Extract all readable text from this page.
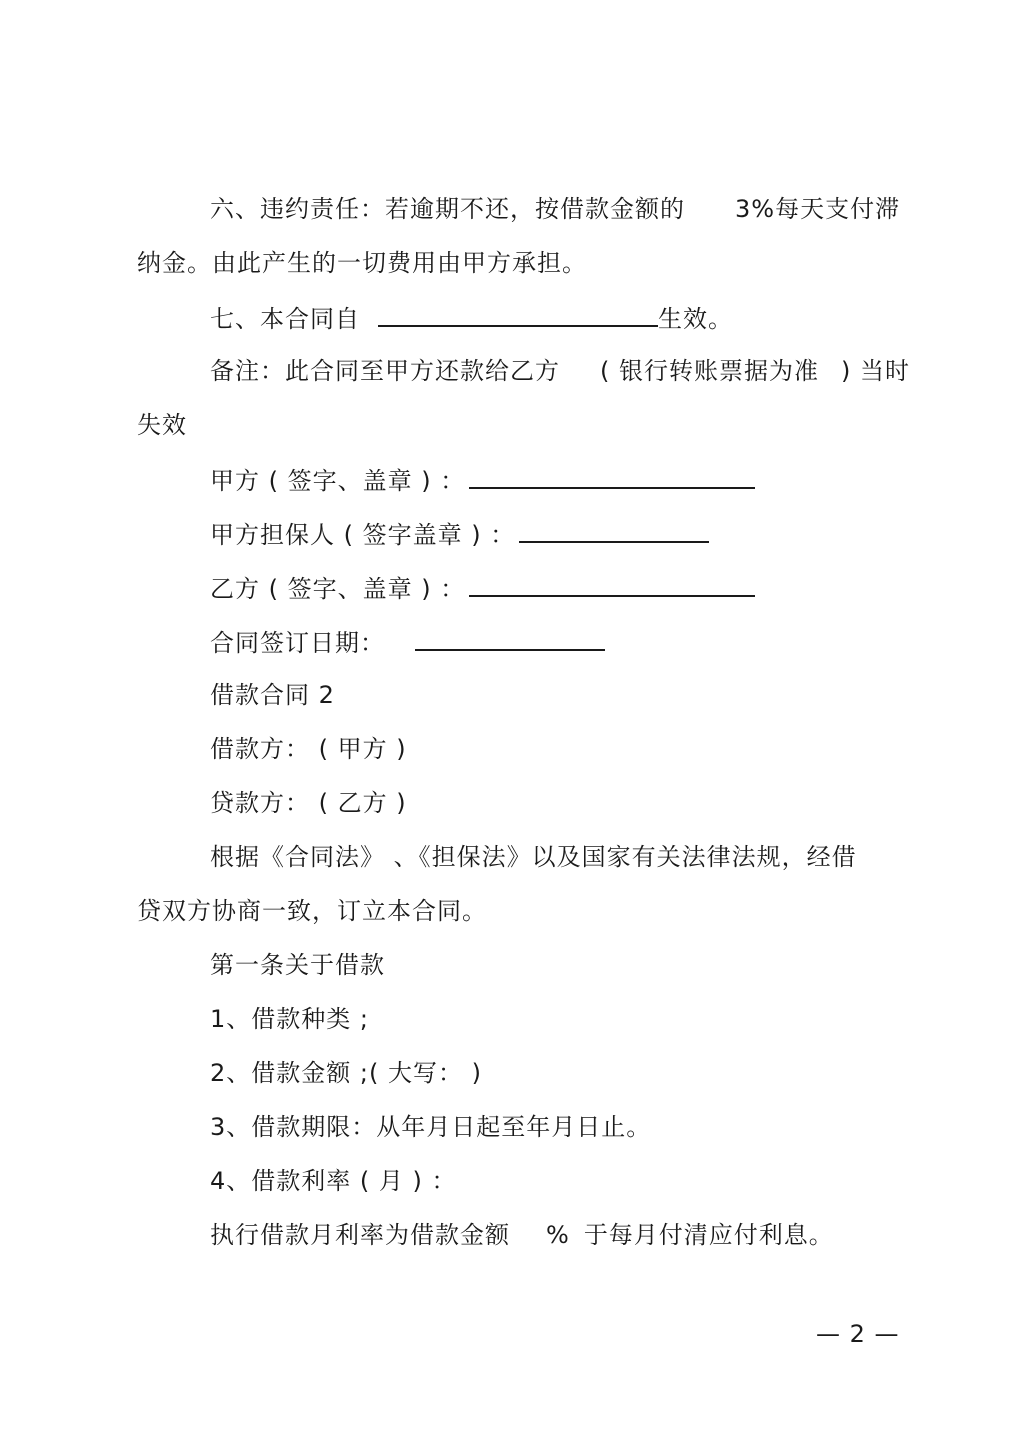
六、违约责任：若逾期不还，按借款金额的 3%每天支付滞
纳金。由此产生的一切费用由甲方承担。
七、本合同自	生效。
备注：此合同至甲方还款给乙方 ( 银行转账票据为准 ) 当时
失效
甲方 ( 签字、盖章 ) ：
甲方担保人 ( 签字盖章 ) ：
乙方 ( 签字、盖章 ) ：
合同签订日期：
借款合同 2
借款方： ( 甲方 )
贷款方： ( 乙方 )
根据《合同法》 、《担保法》以及国家有关法律法规，经借
贷双方协商一致，订立本合同。
第一条关于借款
1、借款种类 ;
2、借款金额 ;( 大写： )
3、借款期限：从年月日起至年月日止。
4、借款利率 ( 月 ) ：
执行借款月利率为借款金额 % 于每月付清应付利息。
— 2 —
